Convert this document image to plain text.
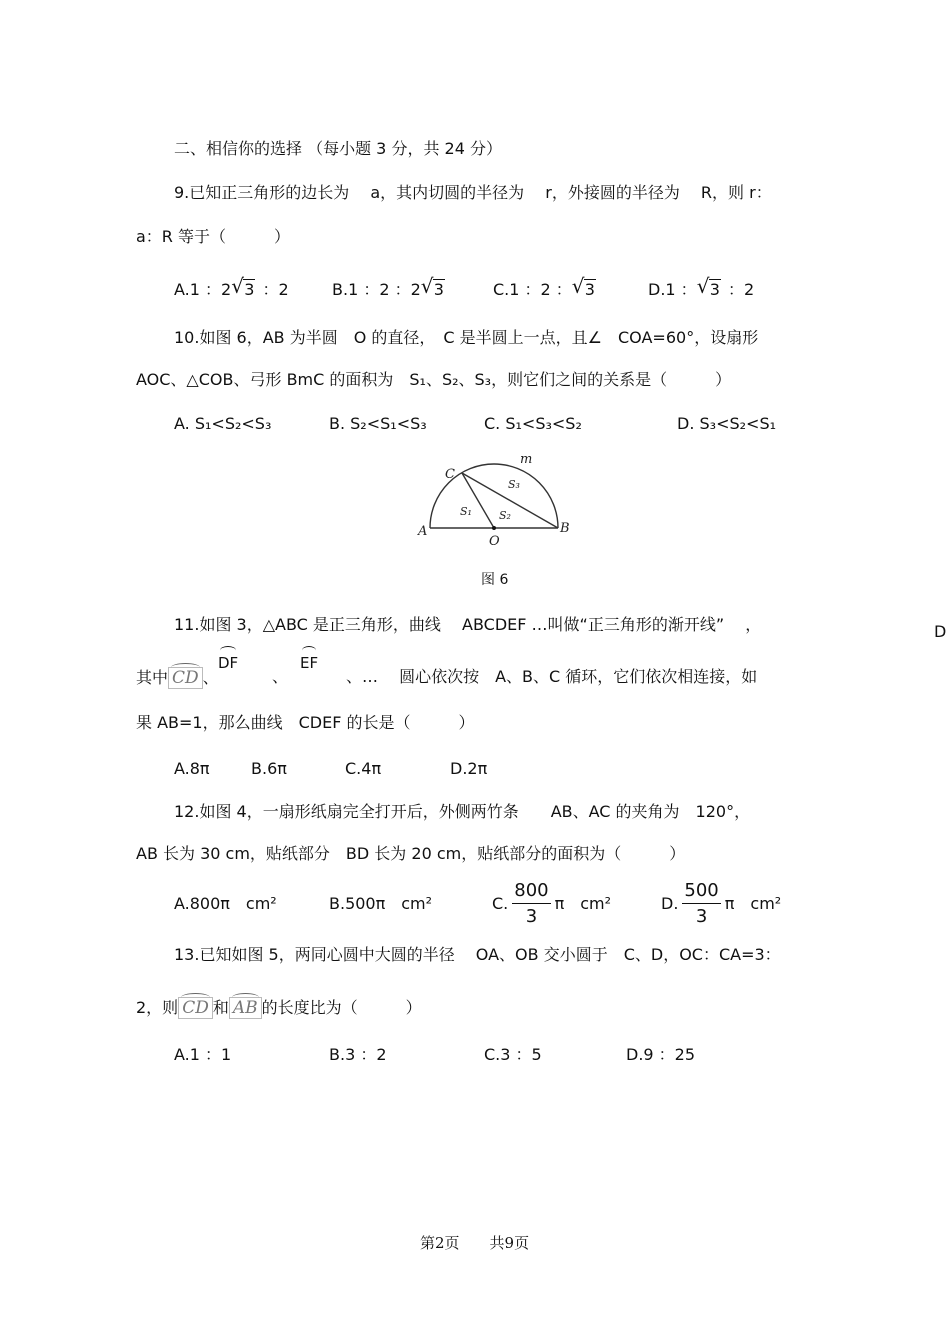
二、相信你的选择 （每小题 3 分，共 24 分）
9.已知正三角形的边长为　 a，其内切圆的半径为　 r，外接圆的半径为　 R，则 r：
a：R 等于（　　　）
A.1 ：2 √ 3 ：2	B.1 ：2 ：2 √ 3	C.1 ：2 ： √ 3	D.1 ： √ 3 ：2
10.如图 6，AB 为半圆　O 的直径，　C 是半圆上一点，且∠　COA=60°，设扇形
AOC、△COB、弓形 BmC 的面积为　S₁、S₂、S₃，则它们之间的关系是（　　　）
A. S₁<S₂<S₃	B. S₂<S₁<S₃	C. S₁<S₃<S₂	D. S₃<S₂<S₁
A	B
C
O
m
S₁ S₂
S₃
图 6
11.如图 3，△ABC 是正三角形，曲线　 ABCDEF …叫做“正三角形的渐开线”　 ，	D
其中 CD 、
DF
、
EF
、…　 圆心依次按　A、B、C 循环，它们依次相连接，如
果 AB=1，那么曲线　CDEF 的长是（　　　）
A.8π	B.6π	C.4π	D.2π
12.如图 4，一扇形纸扇完全打开后，外侧两竹条　　AB、AC 的夹角为　120°，
AB 长为 30 cm，贴纸部分　BD 长为 20 cm，贴纸部分的面积为（　　　）
A.800π　cm²	B.500π　cm²	C. $\frac{800}{3}$ π　cm²	D. $\frac{500}{3}$ π　cm²
13.已知如图 5，两同心圆中大圆的半径　 OA、OB 交小圆于　C、D，OC：CA=3：
2，则 CD 和 AB 的长度比为（　　　）
A.1 ：1	B.3 ：2	C.3 ：5	D.9 ：25
第2页　　共9页
